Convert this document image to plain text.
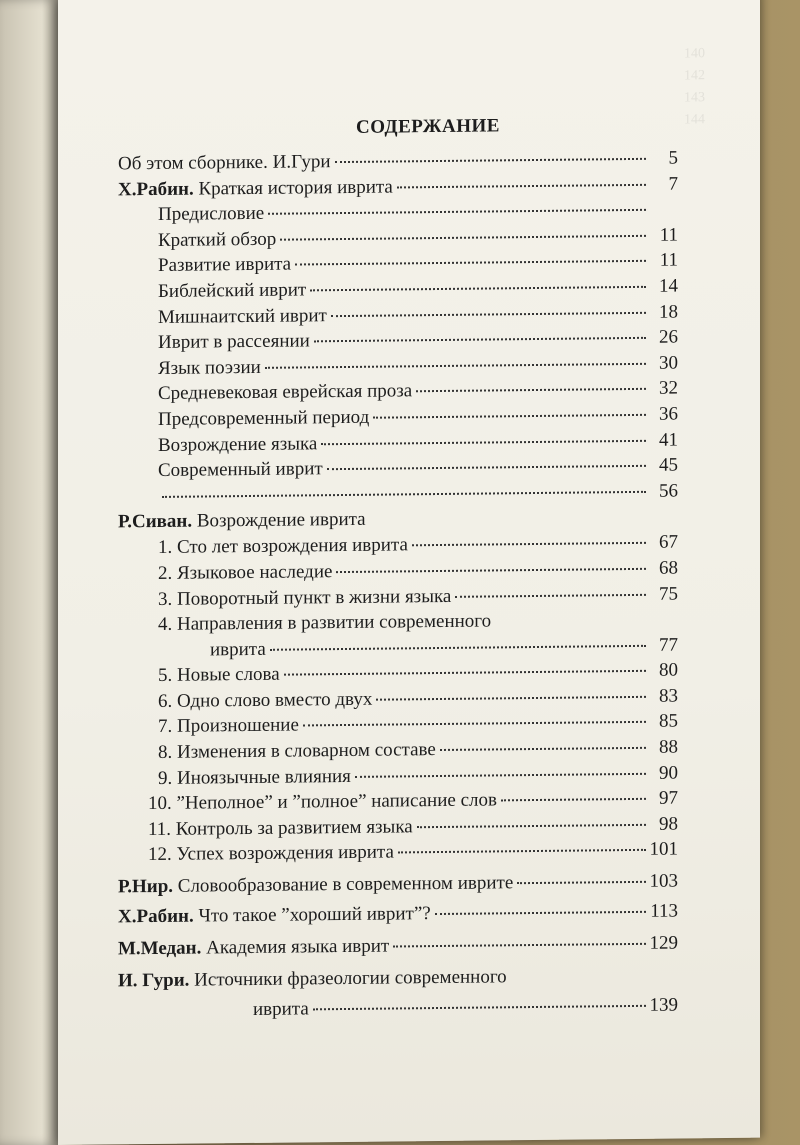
140
142
143
144
СОДЕРЖАНИЕ
Об этом сборнике. И.Гури	5
Х.Рабин. Краткая история иврита	7
Предисловие
Краткий обзор	11
Развитие иврита	11
Библейский иврит	14
Мишнаитский иврит	18
Иврит в рассеянии	26
Язык поэзии	30
Средневековая еврейская проза	32
Предсовременный период	36
Возрождение языка	41
Современный иврит	45
56
Р.Сиван. Возрождение иврита
1. Сто лет возрождения иврита	67
2. Языковое наследие	68
3. Поворотный пункт в жизни языка	75
4. Направления в развитии современного
иврита	77
5. Новые слова	80
6. Одно слово вместо двух	83
7. Произношение	85
8. Изменения в словарном составе	88
9. Иноязычные влияния	90
10. ”Неполное” и ”полное” написание слов	97
11. Контроль за развитием языка	98
12. Успех возрождения иврита	101
Р.Нир. Словообразование в современном иврите	103
Х.Рабин. Что такое ”хороший иврит”?	113
М.Медан. Академия языка иврит	129
И. Гури. Источники фразеологии современного
иврита	139
